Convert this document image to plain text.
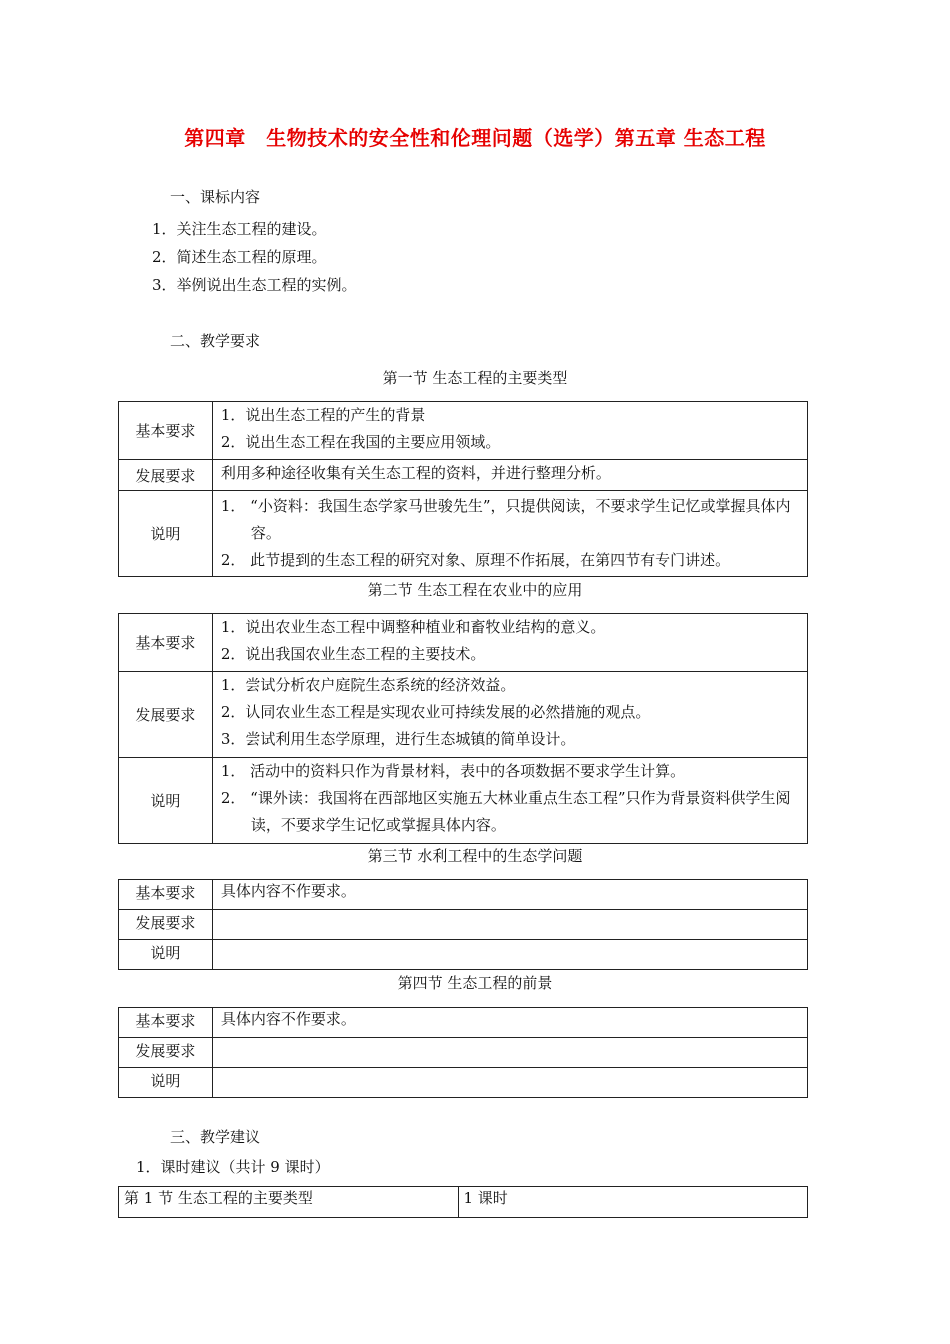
第四章　生物技术的安全性和伦理问题（选学）第五章 生态工程
一、课标内容
1．关注生态工程的建设。
2．简述生态工程的原理。
3．举例说出生态工程的实例。
二、教学要求
第一节 生态工程的主要类型
基本要求	1．说出生态工程的产生的背景
2．说出生态工程在我国的主要应用领域。

发展要求	利用多种途径收集有关生态工程的资料，并进行整理分析。

说明	1． “小资料：我国生态学家马世骏先生”，只提供阅读，不要求学生记忆或掌握具体内容。
2． 此节提到的生态工程的研究对象、原理不作拓展，在第四节有专门讲述。
第二节 生态工程在农业中的应用
基本要求	1．说出农业生态工程中调整种植业和畜牧业结构的意义。
2．说出我国农业生态工程的主要技术。

发展要求	1．尝试分析农户庭院生态系统的经济效益。
2．认同农业生态工程是实现农业可持续发展的必然措施的观点。
3．尝试利用生态学原理，进行生态城镇的简单设计。

说明	1． 活动中的资料只作为背景材料，表中的各项数据不要求学生计算。
2． “课外读：我国将在西部地区实施五大林业重点生态工程”只作为背景资料供学生阅读，不要求学生记忆或掌握具体内容。
第三节 水利工程中的生态学问题
基本要求	具体内容不作要求。

发展要求	
说明	
第四节 生态工程的前景
基本要求	具体内容不作要求。

发展要求	
说明	
三、教学建议
1．课时建议（共计 9 课时）
第 1 节 生态工程的主要类型	1 课时
